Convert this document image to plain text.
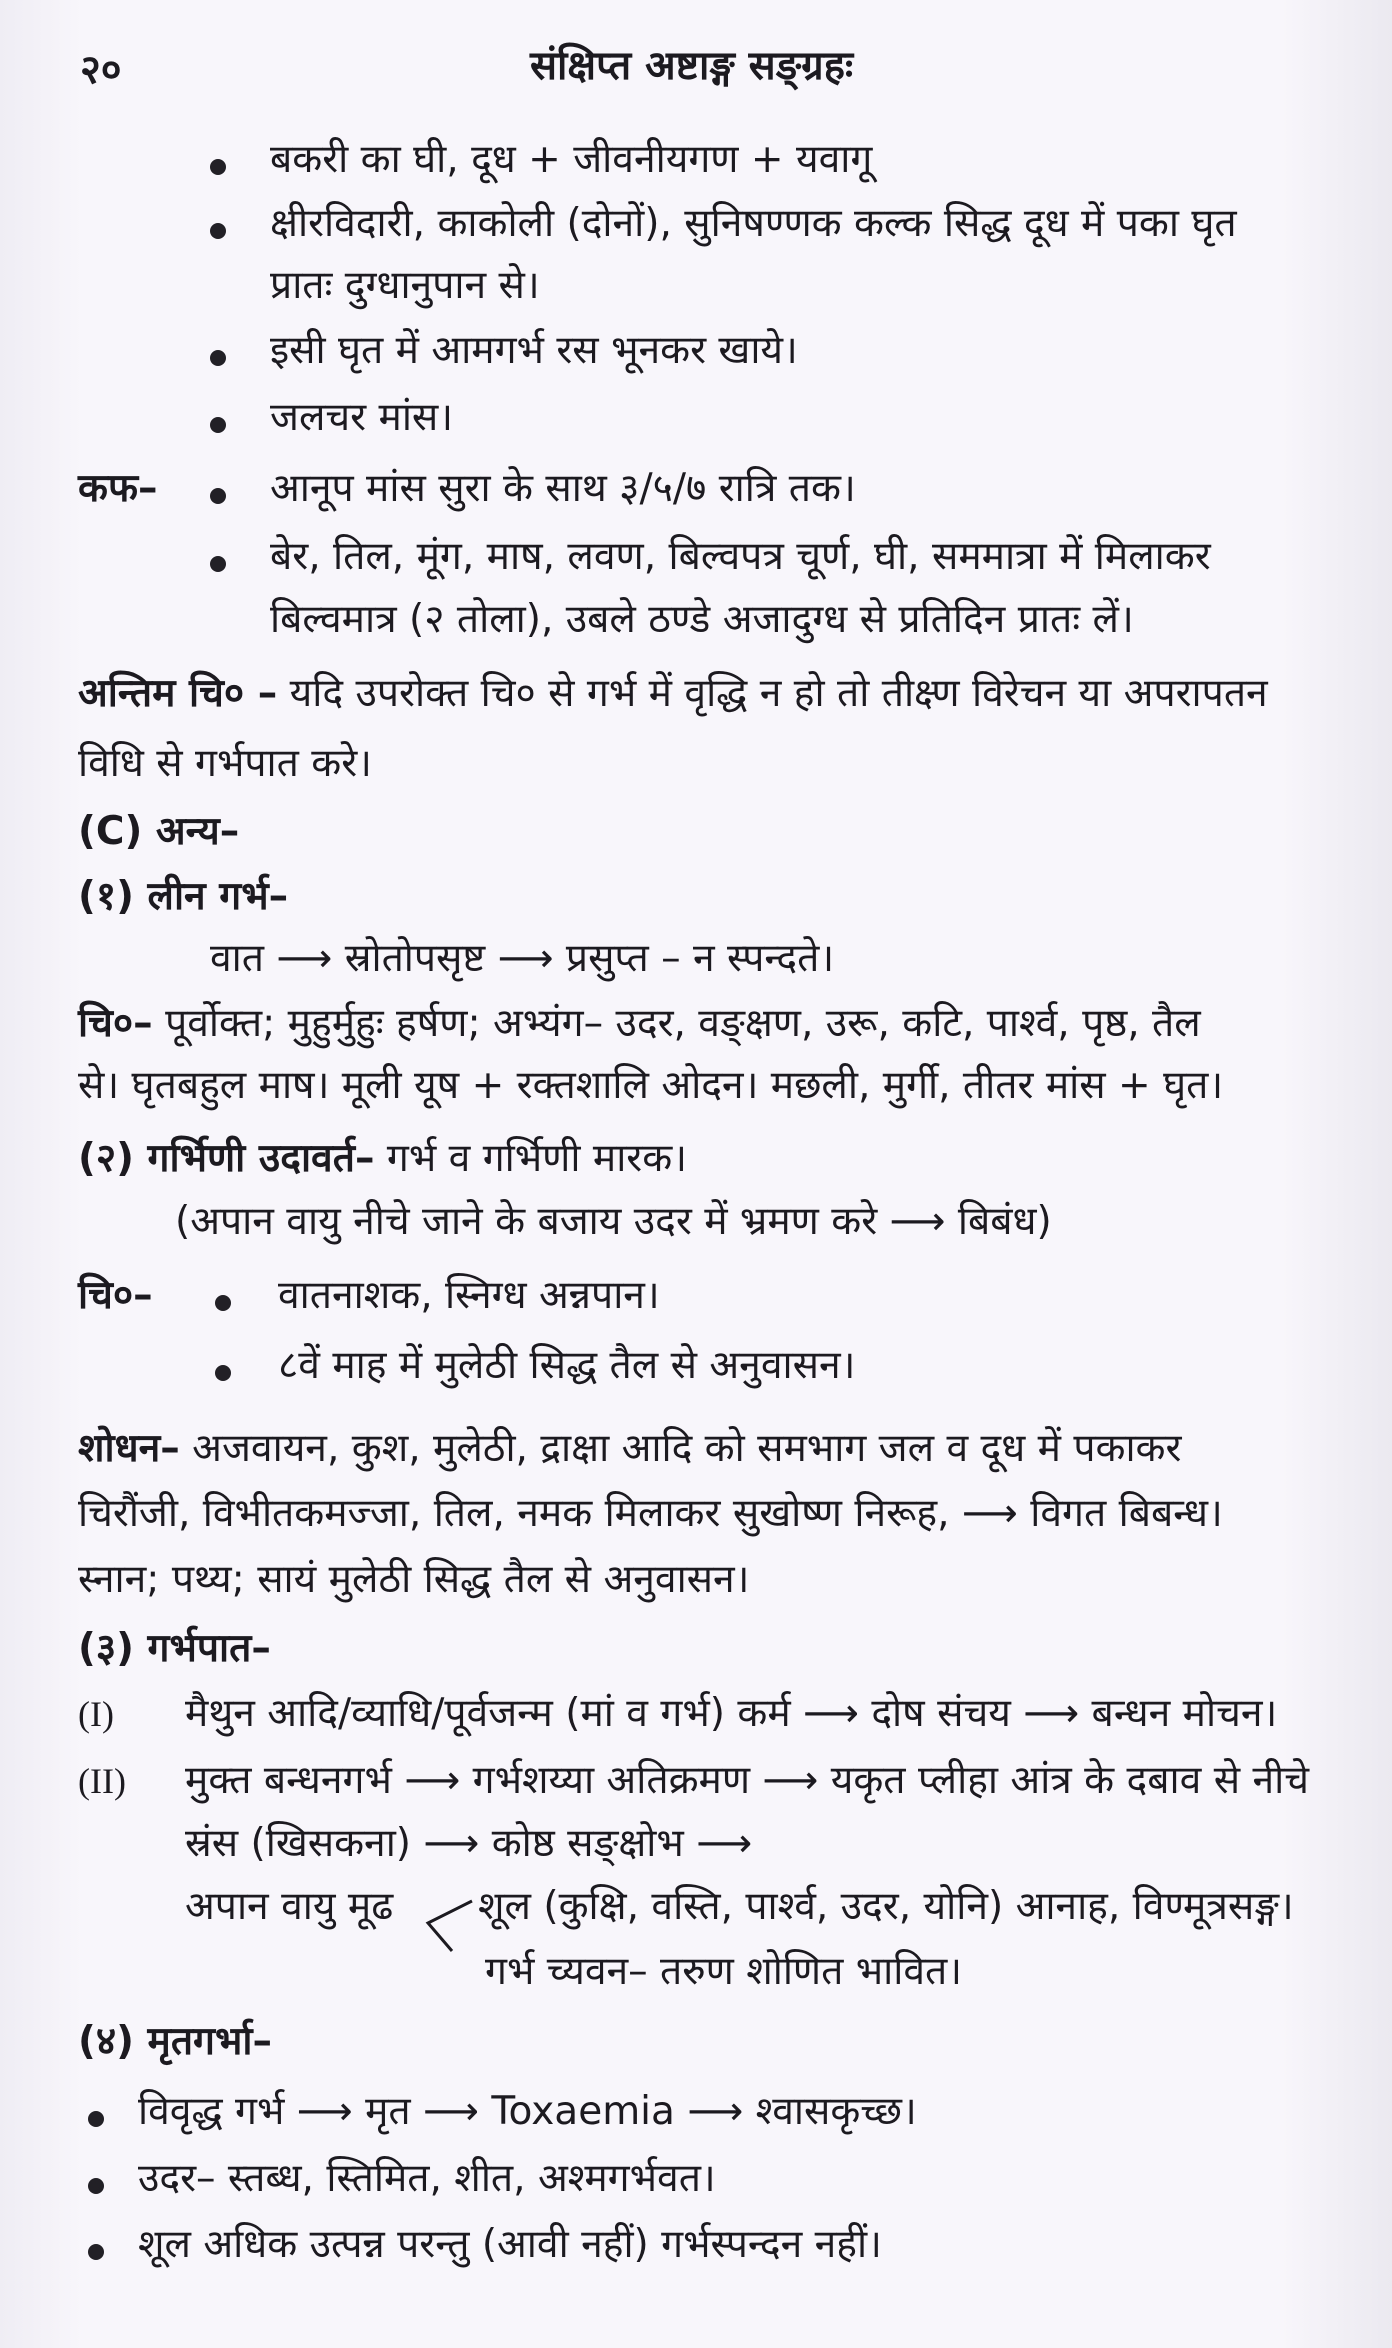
२०	संक्षिप्त अष्टाङ्ग सङ्ग्रहः
बकरी का घी, दूध + जीवनीयगण + यवागू
क्षीरविदारी, काकोली (दोनों), सुनिषण्णक कल्क सिद्ध दूध में पका घृत
प्रातः दुग्धानुपान से।
इसी घृत में आमगर्भ रस भूनकर खाये।
जलचर मांस।
कफ–	आनूप मांस सुरा के साथ ३/५/७ रात्रि तक।
बेर, तिल, मूंग, माष, लवण, बिल्वपत्र चूर्ण, घी, सममात्रा में मिलाकर
बिल्वमात्र (२ तोला), उबले ठण्डे अजादुग्ध से प्रतिदिन प्रातः लें।
अन्तिम चि० – यदि उपरोक्त चि० से गर्भ में वृद्धि न हो तो तीक्ष्ण विरेचन या अपरापतन
विधि से गर्भपात करे।
(C) अन्य–
(१) लीन गर्भ–
वात ⟶ स्रोतोपसृष्ट ⟶ प्रसुप्त – न स्पन्दते।
चि०– पूर्वोक्त; मुहुर्मुहुः हर्षण; अभ्यंग– उदर, वङ्क्षण, उरू, कटि, पार्श्व, पृष्ठ, तैल
से। घृतबहुल माष। मूली यूष + रक्तशालि ओदन। मछली, मुर्गी, तीतर मांस + घृत।
(२) गर्भिणी उदावर्त– गर्भ व गर्भिणी मारक।
(अपान वायु नीचे जाने के बजाय उदर में भ्रमण करे ⟶ बिबंध)
चि०–	वातनाशक, स्निग्ध अन्नपान।
८वें माह में मुलेठी सिद्ध तैल से अनुवासन।
शोधन– अजवायन, कुश, मुलेठी, द्राक्षा आदि को समभाग जल व दूध में पकाकर
चिरौंजी, विभीतकमज्जा, तिल, नमक मिलाकर सुखोष्ण निरूह, ⟶ विगत बिबन्ध।
स्नान; पथ्य; सायं मुलेठी सिद्ध तैल से अनुवासन।
(३) गर्भपात–
(I) मैथुन आदि/व्याधि/पूर्वजन्म (मां व गर्भ) कर्म ⟶ दोष संचय ⟶ बन्धन मोचन।
(II) मुक्त बन्धनगर्भ ⟶ गर्भशय्या अतिक्रमण ⟶ यकृत प्लीहा आंत्र के दबाव से नीचे
स्रंस (खिसकना) ⟶ कोष्ठ सङ्क्षोभ ⟶
अपान वायु मूढ शूल (कुक्षि, वस्ति, पार्श्व, उदर, योनि) आनाह, विण्मूत्रसङ्ग।
गर्भ च्यवन– तरुण शोणित भावित।
(४) मृतगर्भा–
विवृद्ध गर्भ ⟶ मृत ⟶ Toxaemia ⟶ श्वासकृच्छ।
उदर– स्तब्ध, स्तिमित, शीत, अश्मगर्भवत।
शूल अधिक उत्पन्न परन्तु (आवी नहीं) गर्भस्पन्दन नहीं।
